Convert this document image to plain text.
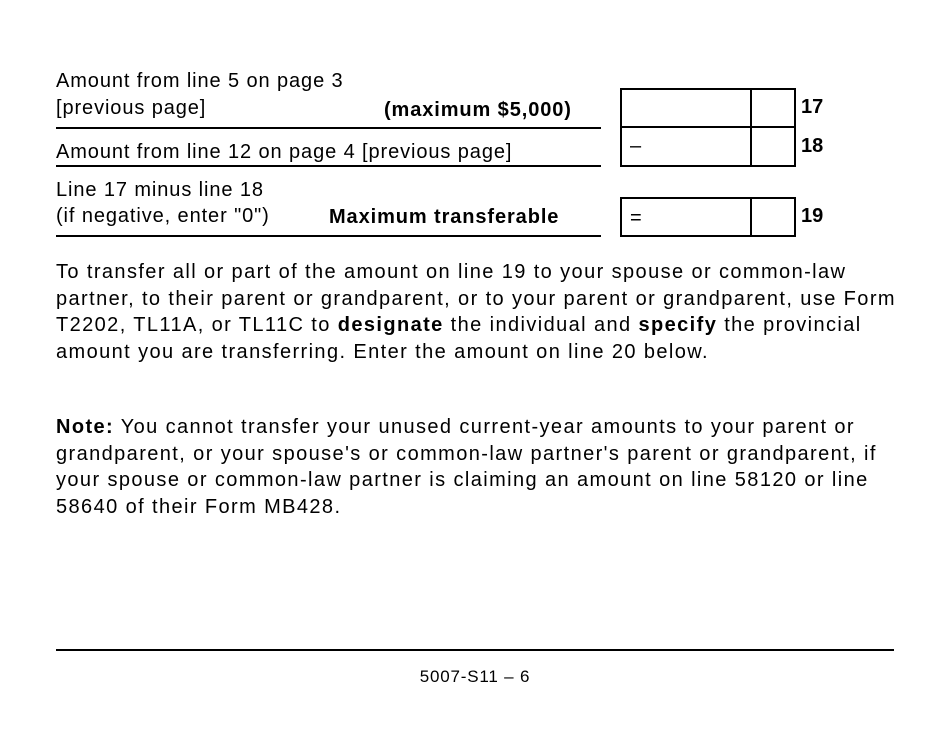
Amount from line 5 on page 3
[previous page]	(maximum $5,000)	17
Amount from line 12 on page 4 [previous page]	–	18
Line 17 minus line 18
(if negative, enter "0")	Maximum transferable	=	19

To transfer all or part of the amount on line 19 to your spouse or common-law partner, to their parent or grandparent, or to your parent or grandparent, use Form T2202, TL11A, or TL11C to designate the individual and specify the provincial amount you are transferring. Enter the amount on line 20 below.

Note: You cannot transfer your unused current-year amounts to your parent or grandparent, or your spouse's or common-law partner's parent or grandparent, if your spouse or common-law partner is claiming an amount on line 58120 or line 58640 of their Form MB428.

5007-S11 – 6
